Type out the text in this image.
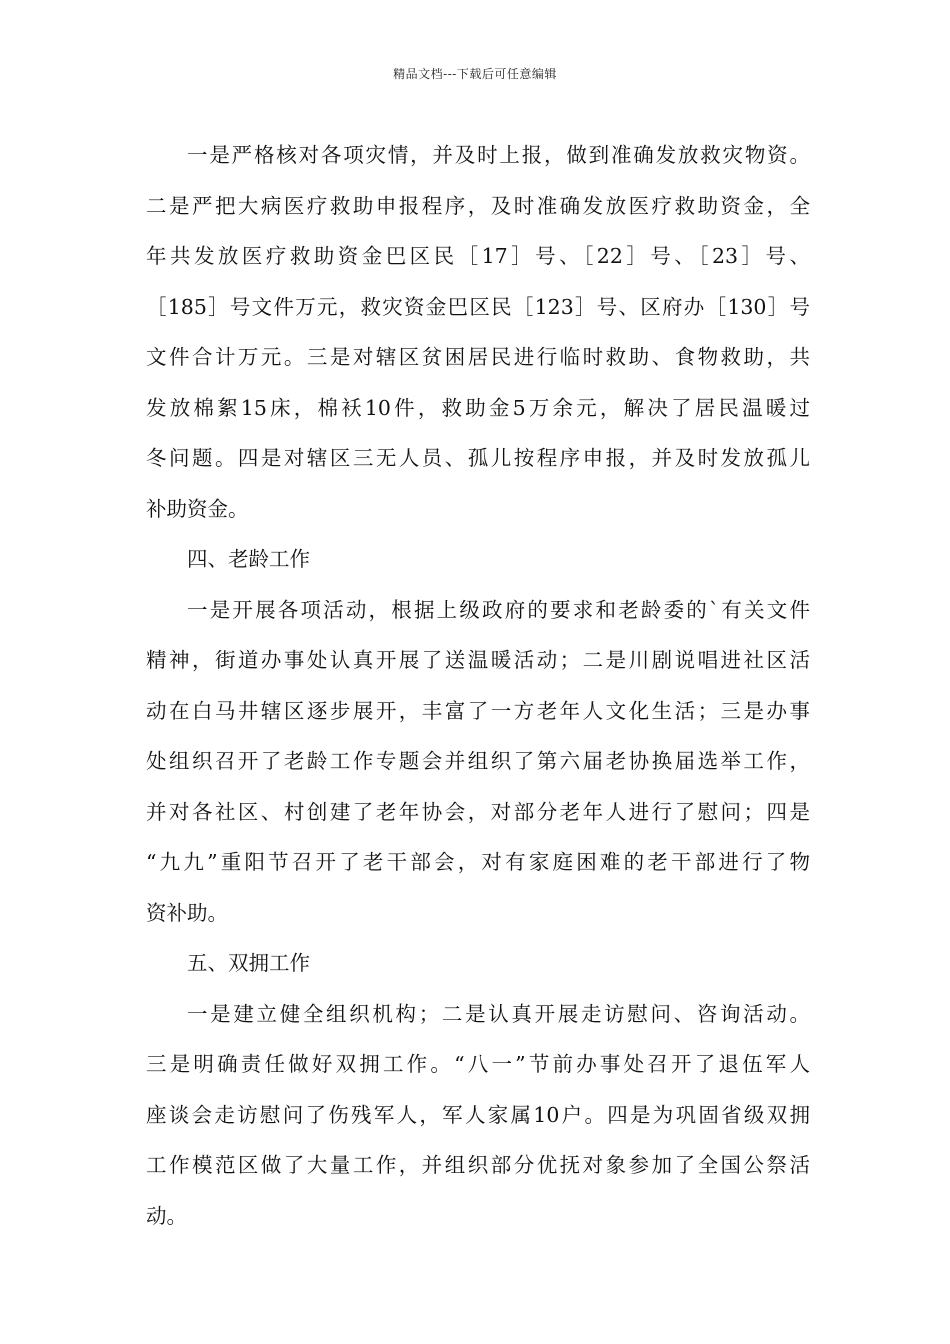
精品文档---下载后可任意编辑
一是严格核对各项灾情，并及时上报，做到准确发放救灾物资。
二是严把大病医疗救助申报程序，及时准确发放医疗救助资金，全
年共发放医疗救助资金巴区民［17］号、［22］号、［23］号、
［185］号文件万元，救灾资金巴区民［123］号、区府办［130］号
文件合计万元。三是对辖区贫困居民进行临时救助、食物救助，共
发放棉絮15床，棉袄10件，救助金5万余元，解决了居民温暖过
冬问题。四是对辖区三无人员、孤儿按程序申报，并及时发放孤儿
补助资金。
四、老龄工作
一是开展各项活动，根据上级政府的要求和老龄委的`有关文件
精神，街道办事处认真开展了送温暖活动；二是川剧说唱进社区活
动在白马井辖区逐步展开，丰富了一方老年人文化生活；三是办事
处组织召开了老龄工作专题会并组织了第六届老协换届选举工作，
并对各社区、村创建了老年协会，对部分老年人进行了慰问；四是
“九九”重阳节召开了老干部会，对有家庭困难的老干部进行了物
资补助。
五、双拥工作
一是建立健全组织机构；二是认真开展走访慰问、咨询活动。
三是明确责任做好双拥工作。“八一”节前办事处召开了退伍军人
座谈会走访慰问了伤残军人，军人家属10户。四是为巩固省级双拥
工作模范区做了大量工作，并组织部分优抚对象参加了全国公祭活
动。
